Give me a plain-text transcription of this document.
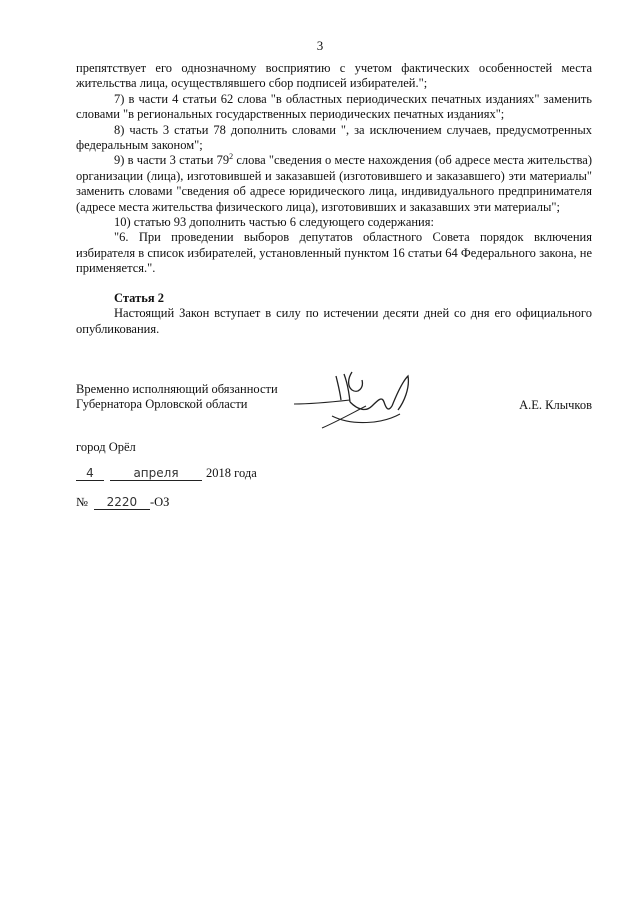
3

препятствует его однозначному восприятию с учетом фактических особенностей места жительства лица, осуществлявшего сбор подписей избирателей.";

7) в части 4 статьи 62 слова "в областных периодических печатных изданиях" заменить словами "в региональных государственных периодических печатных изданиях";

8) часть 3 статьи 78 дополнить словами ", за исключением случаев, предусмотренных федеральным законом";

9) в части 3 статьи $79^2$ слова "сведения о месте нахождения (об адресе места жительства) организации (лица), изготовившей и заказавшей (изготовившего и заказавшего) эти материалы" заменить словами "сведения об адресе юридического лица, индивидуального предпринимателя (адресе места жительства физического лица), изготовивших и заказавших эти материалы";

10) статью 93 дополнить частью 6 следующего содержания:

"6. При проведении выборов депутатов областного Совета порядок включения избирателя в список избирателей, установленный пунктом 16 статьи 64 Федерального закона, не применяется.".

Статья 2

Настоящий Закон вступает в силу по истечении десяти дней со дня его официального опубликования.

Временно исполняющий обязанности
Губернатора Орловской области	А.Е. Клычков
город Орёл
4	апреля	2018 года
№	2220	-ОЗ
